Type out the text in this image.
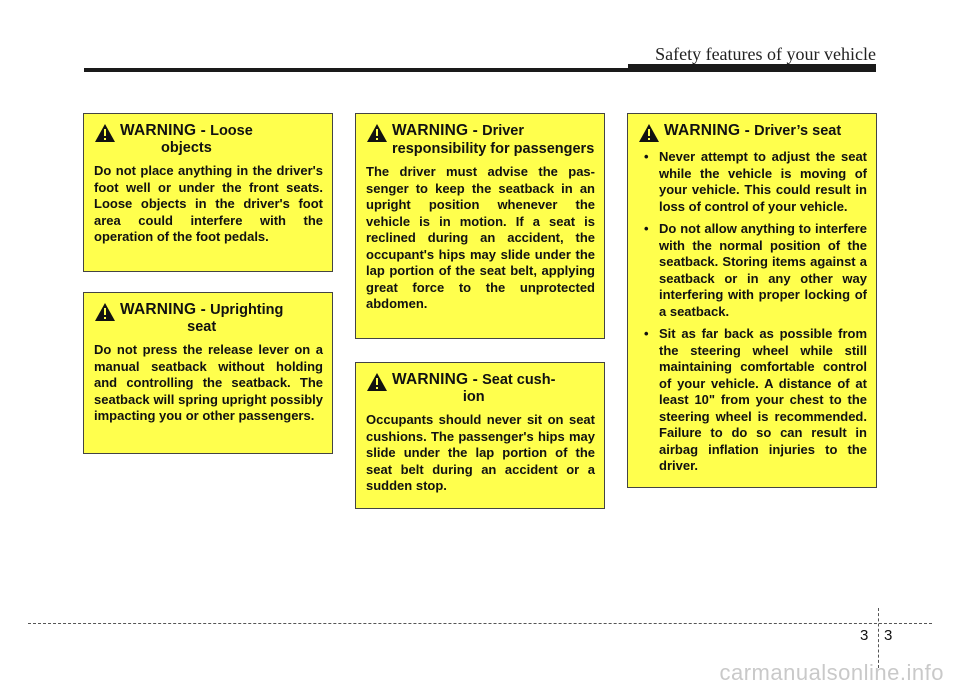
Safety features of your vehicle
WARNING - Loose
objects
Do not place anything in the driver's foot well or under the front seats. Loose objects in the driver's foot area could interfere with the operation of the foot pedals.
WARNING - Uprighting
seat
Do not press the release lever on a manual seatback without holding and controlling the seatback. The seatback will spring upright possibly impacting you or other passengers.
WARNING - Driver responsibility for passengers
The driver must advise the passenger to keep the seatback in an upright position whenever the vehicle is in motion. If a seat is reclined during an accident, the occupant's hips may slide under the lap portion of the seat belt, applying great force to the unprotected abdomen.
WARNING - Seat cush-
ion
Occupants should never sit on seat cushions. The passenger's hips may slide under the lap portion of the seat belt during an accident or a sudden stop.
WARNING - Driver’s seat
• Never attempt to adjust the seat while the vehicle is moving of your vehicle. This could result in loss of control of your vehicle.
• Do not allow anything to interfere with the normal position of the seatback. Storing items against a seatback or in any other way interfering with proper locking of a seatback.
• Sit as far back as possible from the steering wheel while still maintaining comfortable control of your vehicle. A distance of at least 10" from your chest to the steering wheel is recommended. Failure to do so can result in airbag inflation injuries to the driver.
3 3
carmanualsonline.info
